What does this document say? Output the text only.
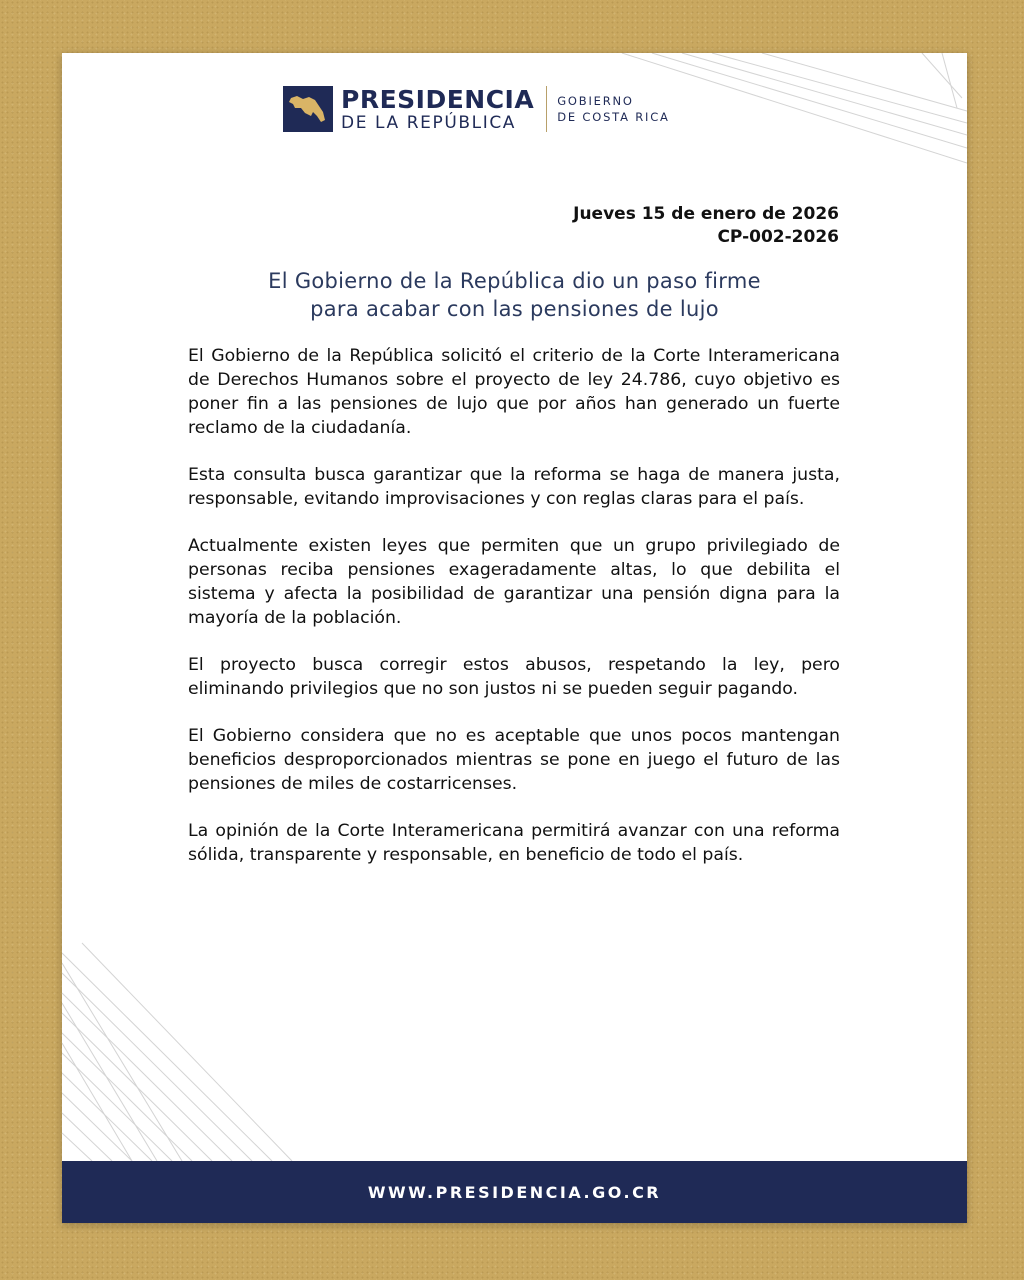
PRESIDENCIA
DE LA REPÚBLICA
GOBIERNO
DE COSTA RICA
Jueves 15 de enero de 2026
CP-002-2026
El Gobierno de la República dio un paso firme
para acabar con las pensiones de lujo

El Gobierno de la República solicitó el criterio de la Corte Interamericana de Derechos Humanos sobre el proyecto de ley 24.786, cuyo objetivo es poner fin a las pensiones de lujo que por años han generado un fuerte reclamo de la ciudadanía.

Esta consulta busca garantizar que la reforma se haga de manera justa, responsable, evitando improvisaciones y con reglas claras para el país.

Actualmente existen leyes que permiten que un grupo privilegiado de personas reciba pensiones exageradamente altas, lo que debilita el sistema y afecta la posibilidad de garantizar una pensión digna para la mayoría de la población.

El proyecto busca corregir estos abusos, respetando la ley, pero eliminando privilegios que no son justos ni se pueden seguir pagando.

El Gobierno considera que no es aceptable que unos pocos mantengan beneficios desproporcionados mientras se pone en juego el futuro de las pensiones de miles de costarricenses.

La opinión de la Corte Interamericana permitirá avanzar con una reforma sólida, transparente y responsable, en beneficio de todo el país.

WWW.PRESIDENCIA.GO.CR
